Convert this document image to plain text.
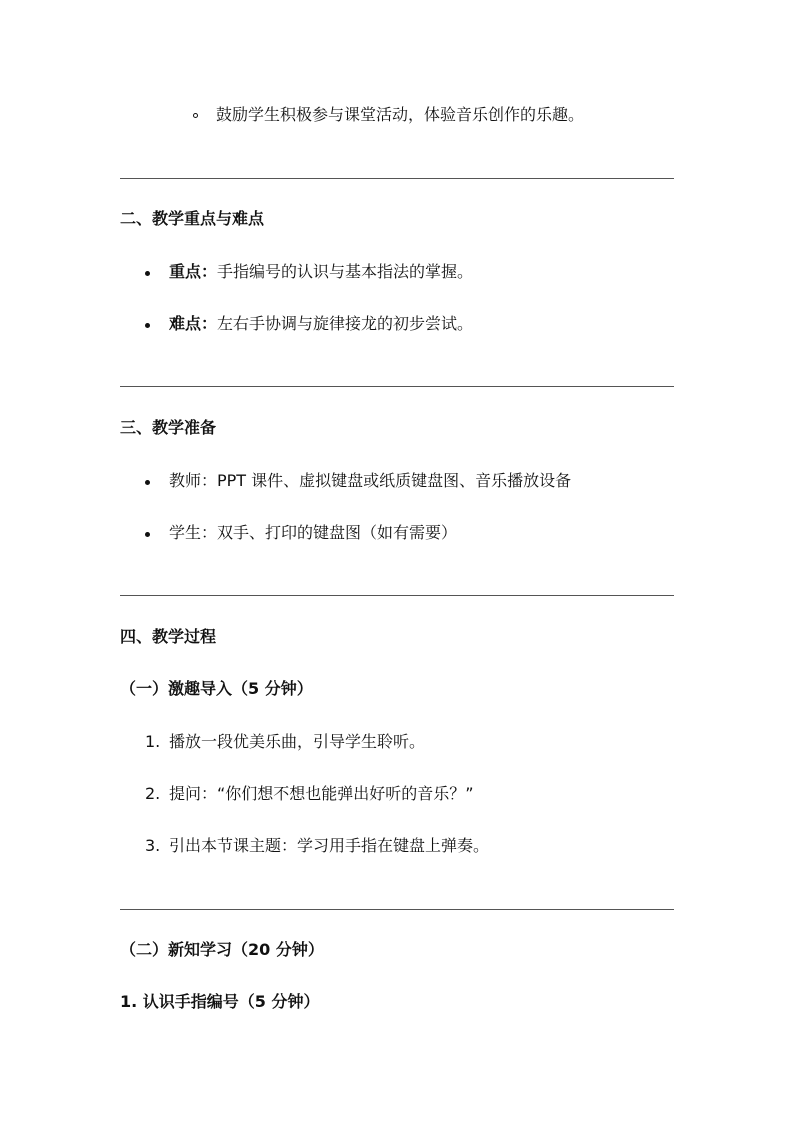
鼓励学生积极参与课堂活动，体验音乐创作的乐趣。
二、教学重点与难点
重点：手指编号的认识与基本指法的掌握。
难点：左右手协调与旋律接龙的初步尝试。
三、教学准备
教师：PPT 课件、虚拟键盘或纸质键盘图、音乐播放设备
学生：双手、打印的键盘图（如有需要）
四、教学过程
（一）激趣导入（5 分钟）
1. 播放一段优美乐曲，引导学生聆听。
2. 提问：“你们想不想也能弹出好听的音乐？”
3. 引出本节课主题：学习用手指在键盘上弹奏。
（二）新知学习（20 分钟）
1. 认识手指编号（5 分钟）
